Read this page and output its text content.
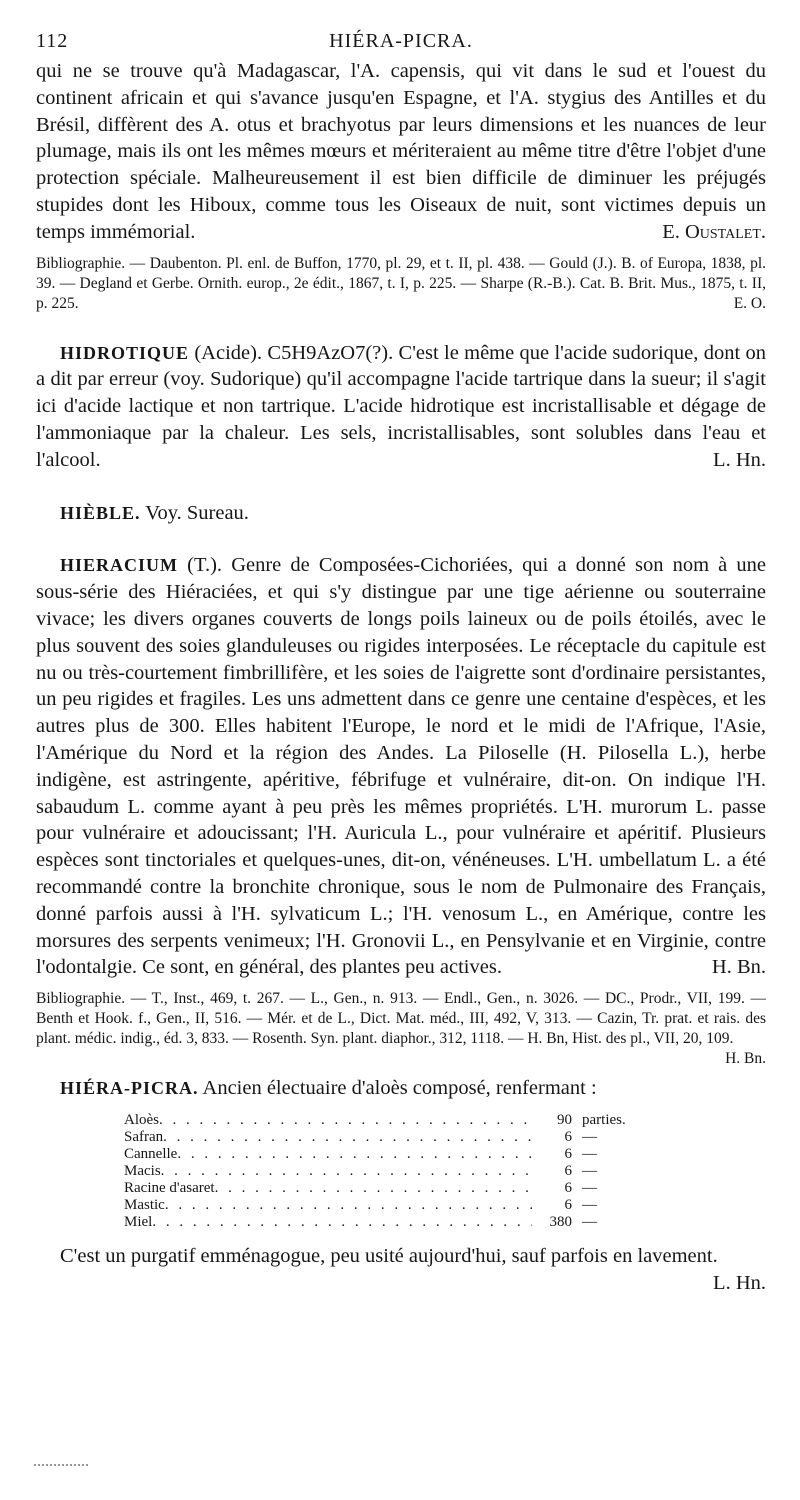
112	HIÉRA-PICRA.

qui ne se trouve qu'à Madagascar, l'A. capensis, qui vit dans le sud et l'ouest du continent africain et qui s'avance jusqu'en Espagne, et l'A. stygius des Antilles et du Brésil, diffèrent des A. otus et brachyotus par leurs dimensions et les nuances de leur plumage, mais ils ont les mêmes mœurs et mériteraient au même titre d'être l'objet d'une protection spéciale. Malheureusement il est bien difficile de diminuer les préjugés stupides dont les Hiboux, comme tous les Oiseaux de nuit, sont victimes depuis un temps immémorial.	E. Oustalet.

Bibliographie. — Daubenton. Pl. enl. de Buffon, 1770, pl. 29, et t. II, pl. 438. — Gould (J.). B. of Europa, 1838, pl. 39. — Degland et Gerbe. Ornith. europ., 2e édit., 1867, t. I, p. 225. — Sharpe (R.-B.). Cat. B. Brit. Mus., 1875, t. II, p. 225.	E. O.

HIDROTIQUE (Acide). C5H9AzO7(?). C'est le même que l'acide sudorique, dont on a dit par erreur (voy. Sudorique) qu'il accompagne l'acide tartrique dans la sueur; il s'agit ici d'acide lactique et non tartrique. L'acide hidrotique est incristallisable et dégage de l'ammoniaque par la chaleur. Les sels, incristallisables, sont solubles dans l'eau et l'alcool.	L. Hn.

HIÈBLE. Voy. Sureau.

HIERACIUM (T.). Genre de Composées-Cichoriées, qui a donné son nom à une sous-série des Hiéraciées, et qui s'y distingue par une tige aérienne ou souterraine vivace; les divers organes couverts de longs poils laineux ou de poils étoilés, avec le plus souvent des soies glanduleuses ou rigides interposées. Le réceptacle du capitule est nu ou très-courtement fimbrillifère, et les soies de l'aigrette sont d'ordinaire persistantes, un peu rigides et fragiles. Les uns admettent dans ce genre une centaine d'espèces, et les autres plus de 300. Elles habitent l'Europe, le nord et le midi de l'Afrique, l'Asie, l'Amérique du Nord et la région des Andes. La Piloselle (H. Pilosella L.), herbe indigène, est astringente, apéritive, fébrifuge et vulnéraire, dit-on. On indique l'H. sabaudum L. comme ayant à peu près les mêmes propriétés. L'H. murorum L. passe pour vulnéraire et adoucissant; l'H. Auricula L., pour vulnéraire et apéritif. Plusieurs espèces sont tinctoriales et quelques-unes, dit-on, vénéneuses. L'H. umbellatum L. a été recommandé contre la bronchite chronique, sous le nom de Pulmonaire des Français, donné parfois aussi à l'H. sylvaticum L.; l'H. venosum L., en Amérique, contre les morsures des serpents venimeux; l'H. Gronovii L., en Pensylvanie et en Virginie, contre l'odontalgie. Ce sont, en général, des plantes peu actives.	H. Bn.

Bibliographie. — T., Inst., 469, t. 267. — L., Gen., n. 913. — Endl., Gen., n. 3026. — DC., Prodr., VII, 199. — Benth et Hook. f., Gen., II, 516. — Mér. et de L., Dict. Mat. méd., III, 492, V, 313. — Cazin, Tr. prat. et rais. des plant. médic. indig., éd. 3, 833. — Rosenth. Syn. plant. diaphor., 312, 1118. — H. Bn, Hist. des pl., VII, 20, 109.
H. Bn.

HIÉRA-PICRA. Ancien électuaire d'aloès composé, renfermant :

Aloès . . .	90 parties.
Safran . . .	6 —
Cannelle . . .	6 —
Macis . . .	6 —
Racine d'asaret . . .	6 —
Mastic . . .	6 —
Miel . . .	380 —

C'est un purgatif emménagogue, peu usité aujourd'hui, sauf parfois en lavement.
L. Hn.
